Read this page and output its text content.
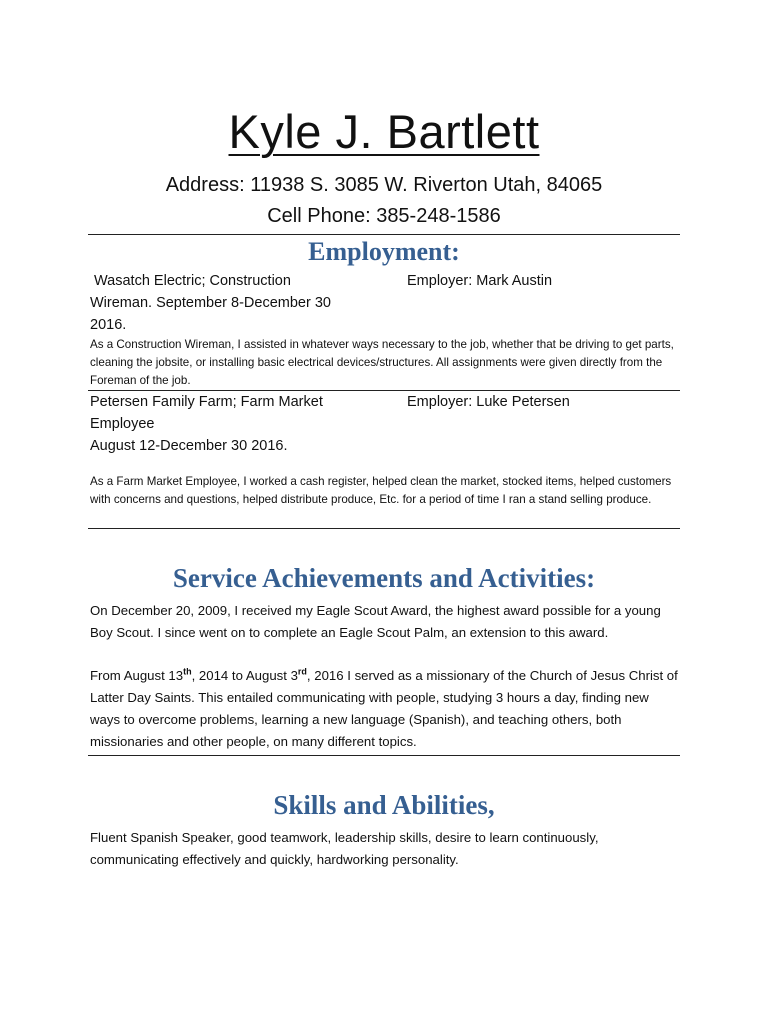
Kyle J. Bartlett
Address: 11938 S. 3085 W. Riverton Utah, 84065
Cell Phone: 385-248-1586
Employment:
Wasatch Electric; Construction
Wireman. September 8-December 30
2016.
Employer: Mark Austin
As a Construction Wireman, I assisted in whatever ways necessary to the job, whether that be driving to get parts, cleaning the jobsite, or installing basic electrical devices/structures. All assignments were given directly from the Foreman of the job.
Petersen Family Farm; Farm Market
Employee
August 12-December 30 2016.
Employer: Luke Petersen
As a Farm Market Employee, I worked a cash register, helped clean the market, stocked items, helped customers with concerns and questions, helped distribute produce, Etc. for a period of time I ran a stand selling produce.
Service Achievements and Activities:
On December 20, 2009, I received my Eagle Scout Award, the highest award possible for a young Boy Scout. I since went on to complete an Eagle Scout Palm, an extension to this award.
From August 13th, 2014 to August 3rd, 2016 I served as a missionary of the Church of Jesus Christ of Latter Day Saints. This entailed communicating with people, studying 3 hours a day, finding new ways to overcome problems, learning a new language (Spanish), and teaching others, both missionaries and other people, on many different topics.
Skills and Abilities,
Fluent Spanish Speaker, good teamwork, leadership skills, desire to learn continuously, communicating effectively and quickly, hardworking personality.
